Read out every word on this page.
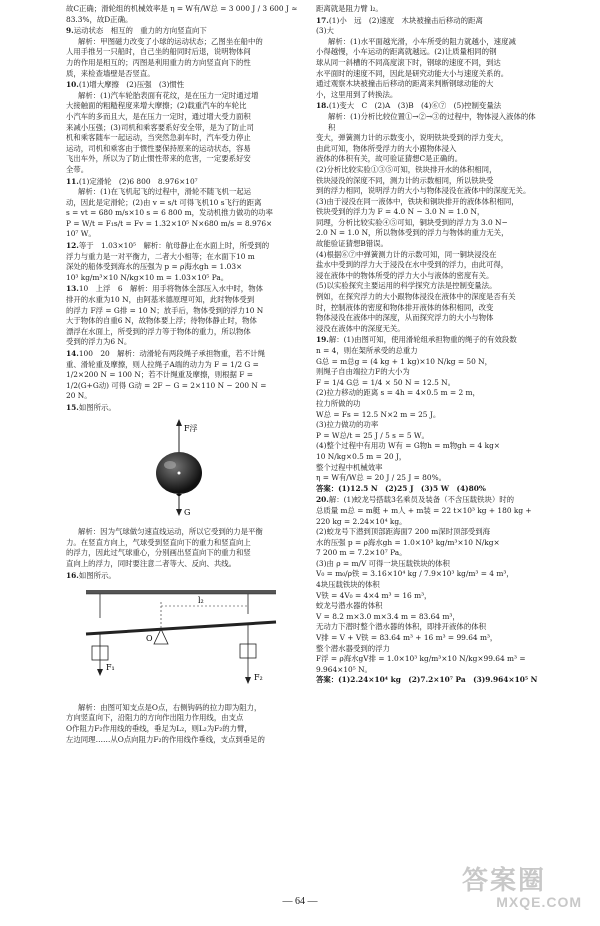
故C正确；滑轮组的机械效率是 η = W有/W总 = 3 000 J / 3 600 J ≈
83.3%，故D正确。
9.运动状态　相互的　重力的方向竖直向下
解析：甲图磁力改变了小球的运动状态；乙图坐在船中的
人用手推另一只船时，自己坐的船同时后退，说明物体间
力的作用是相互的；丙图是利用重力的方向竖直向下的性
质，来检查墙壁是否竖直。
10.(1)增大摩擦　(2)压强　(3)惯性
解析：(1)汽车轮胎表面有花纹，是在压力一定时通过增
大接触面的粗糙程度来增大摩擦；(2)载重汽车的车轮比
小汽车的多而且大，是在压力一定时，通过增大受力面积
来减小压强；(3)司机和乘客要系好安全带，是为了防止司
机和乘客随车一起运动，当突然急刹车时，汽车受力停止
运动，司机和乘客由于惯性要保持原来的运动状态，容易
飞出车外，所以为了防止惯性带来的危害，一定要系好安
全带。
11.(1)定滑轮　(2)6 800　8.976×10⁷
解析：(1)在飞机起飞的过程中，滑轮不随飞机一起运
动，因此是定滑轮；(2)由 v = s/t 可得飞机10 s飞行的距离
s = vt = 680 m/s×10 s = 6 800 m，发动机推力做功的功率
P = W/t = F₁s/t = Fv = 1.32×10⁵ N×680 m/s = 8.976×
10⁷ W。
12.等于　1.03×10⁵　 解析：航母静止在水面上时，所受到的
浮力与重力是一对平衡力，二者大小相等；在水面下10 m
深处的船体受到海水的压强为 p = ρ海水gh = 1.03×
10³ kg/m³×10 N/kg×10 m = 1.03×10⁵ Pa。
13.10　上浮　6　 解析：用手将物体全部压入水中时，物体
排开的水重为10 N，由阿基米德原理可知，此时物体受到
的浮力 F浮 = G排 = 10 N；放手后，物体受到的浮力10 N
大于物体的自重6 N，故物体要上浮；待物体静止时，物体
漂浮在水面上，所受到的浮力等于物体的重力，所以物体
受到的浮力为6 N。
14.100　20　 解析：动滑轮有两段绳子承担物重，若不计绳
重、滑轮重及摩擦，则人拉绳子A端的动力为 F = 1/2 G =
1/2×200 N = 100 N；若不计绳重及摩擦，则根据 F =
1/2(G+G动) 可得 G动 = 2F − G = 2×110 N − 200 N =
20 N。
15.如图所示。
F浮
G
解析：因为气球做匀速直线运动，所以它受到的力是平衡
力。在竖直方向上，气球受到竖直向下的重力和竖直向上
的浮力，因此过气球重心，分别画出竖直向下的重力和竖
直向上的浮力，同时要注意二者等大、反向、共线。
16.如图所示。
O
F₁
F₂
l₂
解析：由图可知支点是O点，右侧钩码的拉力即为阻力，
方向竖直向下，沿阻力的方向作出阻力作用线，由支点
O作阻力F₂作用线的垂线，垂足为L₂，则L₂为F₂的力臂，
左边同理……从O点向阻力F₂的作用线作垂线，支点到垂足的
距离就是阻力臂 l₂。
17.(1)小　远　(2)速度　木块被撞击后移动的距离
(3)大
解析：(1)水平面越光滑，小车所受的阻力就越小，速度减
小得越慢，小车运动的距离就越远。(2)让质量相同的钢
球从同一斜槽的不同高度滚下时，钢球的速度不同，到达
水平面时的速度不同，因此是研究动能大小与速度关系的。
通过观察木块被撞击后移动的距离来判断钢球动能的大
小，这里用到了转换法。
18.(1)变大　C　(2)A　(3)B　(4)⑥⑦　(5)控制变量法
解析：(1)分析比较位置①→②→③的过程中，物体浸入液体的体积
变大，弹簧测力计的示数变小，说明铁块受到的浮力变大，
由此可知，物体所受浮力的大小跟物体浸入
液体的体积有关，故可验证猜想C是正确的。
(2)分析比较实验①③⑤可知，铁块排开水的体积相同，
铁块浸没的深度不同，测力计的示数相同，所以铁块受
到的浮力相同，说明浮力的大小与物体浸没在液体中的深度无关。
(3)由于浸没在同一液体中，铁块和铜块排开的液体体积相同，
铁块受到的浮力为 F = 4.0 N − 3.0 N = 1.0 N，
同理，分析比较实验④⑤可知，铜块受到的浮力为 3.0 N−
2.0 N = 1.0 N，所以物体受到的浮力与物体的重力无关，
故能验证猜想B错误。
(4)根据⑥⑦中弹簧测力计的示数可知，同一铜块浸没在
盐水中受到的浮力大于浸没在水中受到的浮力，由此可得，
浸在液体中的物体所受的浮力大小与液体的密度有关。
(5)以实验探究主要运用的科学探究方法是控制变量法。
例如，在探究浮力的大小跟物体浸没在液体中的深度是否有关
时，控制液体的密度和物体排开液体的体积相同，改变
物体浸没在液体中的深度，从而探究浮力的大小与物体
浸没在液体中的深度无关。
19.解：(1)由图可知，使用滑轮组承担物重的绳子的有效段数
n = 4，则在架所承受的总重力
G总 = m总g = (4 kg + 1 kg)×10 N/kg = 50 N，
则绳子自由端拉力F的大小为
F = 1/4 G总 = 1/4 × 50 N = 12.5 N。
(2)拉力移动的距离 s = 4h = 4×0.5 m = 2 m，
拉力所做的功
W总 = Fs = 12.5 N×2 m = 25 J。
(3)拉力做功的功率
P = W总/t = 25 J / 5 s = 5 W。
(4)整个过程中有用功 W有 = G物h = m物gh = 4 kg×
10 N/kg×0.5 m = 20 J，
整个过程中机械效率
η = W有/W总 = 20 J / 25 J = 80%。
答案：(1)12.5 N　(2)25 J　(3)5 W　(4)80%
20.解：(1)蛟龙号搭载3名乘员及装备（不含压载铁块）时的
总质量 m总 = m艇 + m人 + m装 = 22 t×10³ kg + 180 kg +
220 kg = 2.24×10⁴ kg。
(2)蛟龙号下潜到顶部距海面7 200 m深时顶部受到海
水的压强 p = ρ海水gh = 1.0×10³ kg/m³×10 N/kg×
7 200 m = 7.2×10⁷ Pa。
(3)由 ρ = m/V 可得一块压载铁块的体积
V₀ = m₀/ρ铁 = 3.16×10⁴ kg / 7.9×10³ kg/m³ = 4 m³，
4块压载铁块的体积
V铁 = 4V₀ = 4×4 m³ = 16 m³，
蛟龙号潜水器的体积
V = 8.2 m×3.0 m×3.4 m = 83.64 m³，
无动力下潜时整个潜水器的体积，即排开液体的体积
V排 = V + V铁 = 83.64 m³ + 16 m³ = 99.64 m³，
整个潜水器受到的浮力
F浮 = ρ海水gV排 = 1.0×10³ kg/m³×10 N/kg×99.64 m³ =
9.964×10⁵ N。
答案：(1)2.24×10⁴ kg　(2)7.2×10⁷ Pa　(3)9.964×10⁵ N
— 64 —
答案圈
MXQE.COM
